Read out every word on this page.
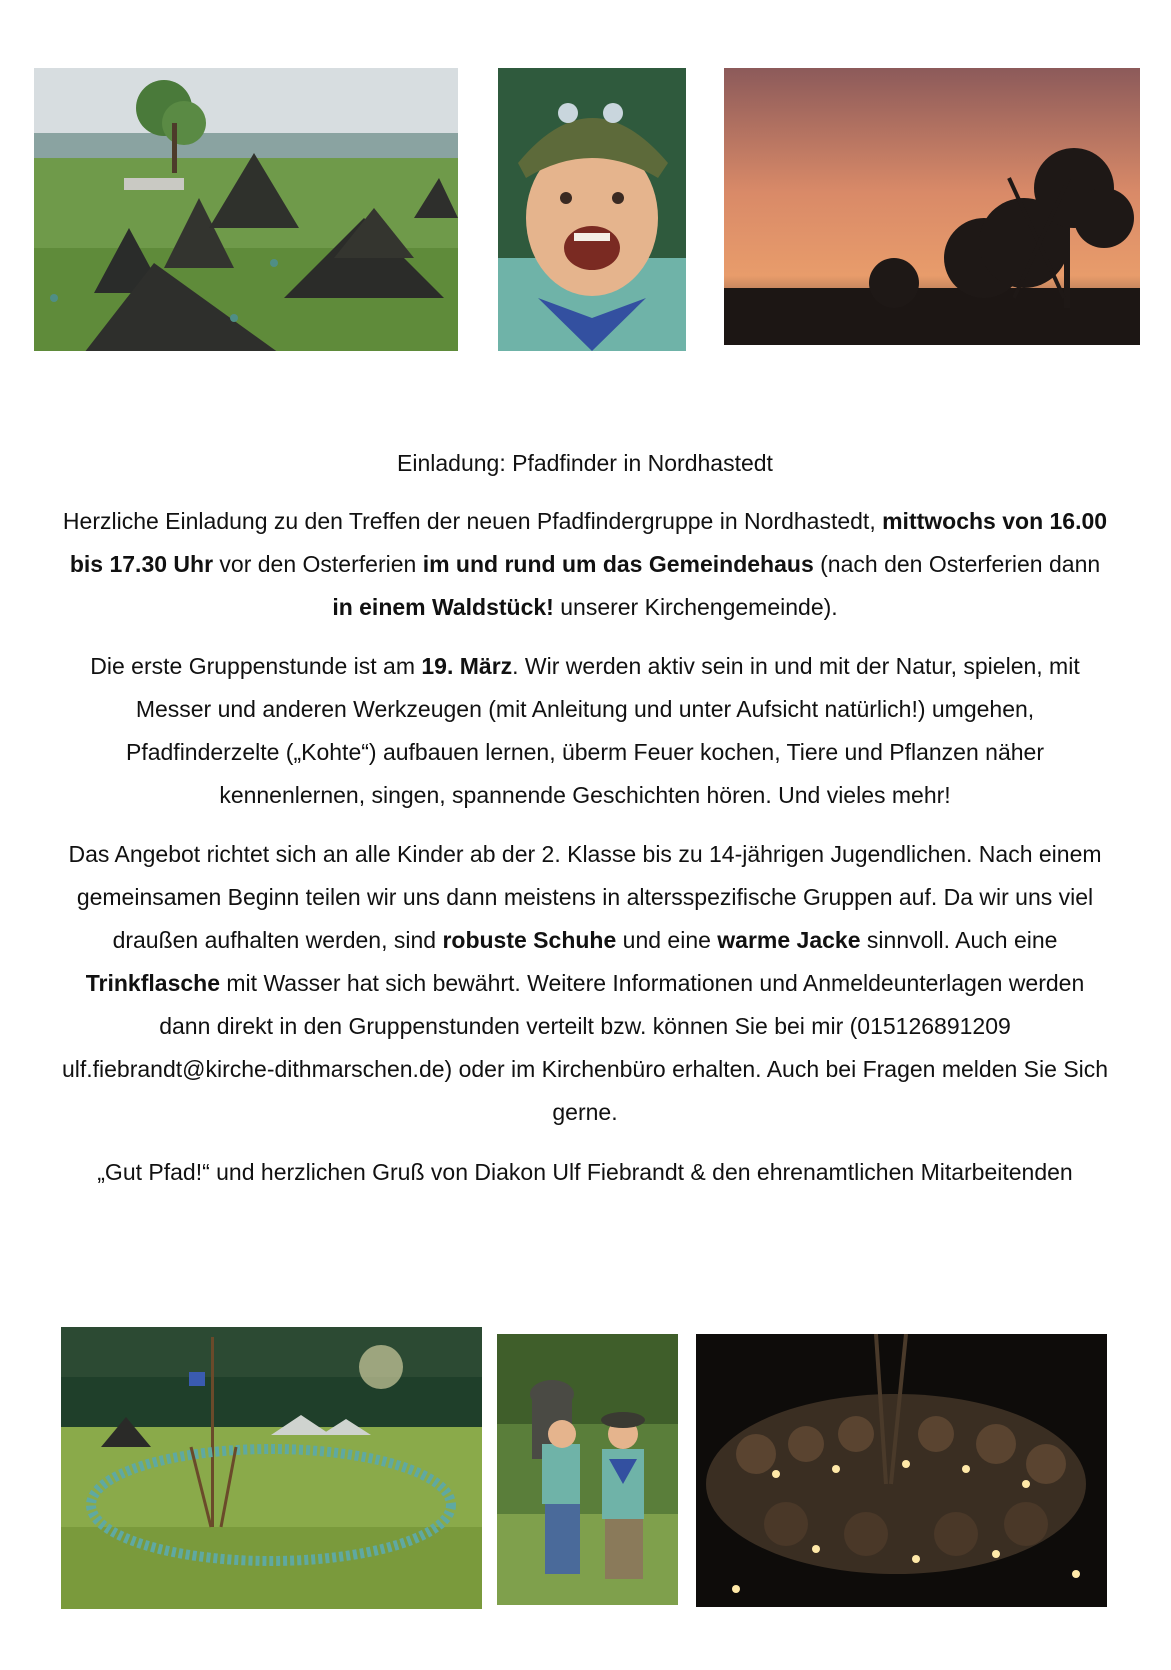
Einladung: Pfadfinder in Nordhastedt

Herzliche Einladung zu den Treffen der neuen Pfadfindergruppe in Nordhastedt, mittwochs von 16.00 bis 17.30 Uhr vor den Osterferien im und rund um das Gemeindehaus (nach den Osterferien dann in einem Waldstück! unserer Kirchengemeinde).

Die erste Gruppenstunde ist am 19. März. Wir werden aktiv sein in und mit der Natur, spielen, mit Messer und anderen Werkzeugen (mit Anleitung und unter Aufsicht natürlich!) umgehen, Pfadfinderzelte („Kohte“) aufbauen lernen, überm Feuer kochen, Tiere und Pflanzen näher kennenlernen, singen, spannende Geschichten hören. Und vieles mehr!

Das Angebot richtet sich an alle Kinder ab der 2. Klasse bis zu 14-jährigen Jugendlichen. Nach einem gemeinsamen Beginn teilen wir uns dann meistens in altersspezifische Gruppen auf. Da wir uns viel draußen aufhalten werden, sind robuste Schuhe und eine warme Jacke sinnvoll. Auch eine Trinkflasche mit Wasser hat sich bewährt. Weitere Informationen und Anmeldeunterlagen werden dann direkt in den Gruppenstunden verteilt bzw. können Sie bei mir (015126891209 ulf.fiebrandt@kirche-dithmarschen.de) oder im Kirchenbüro erhalten. Auch bei Fragen melden Sie Sich gerne.

„Gut Pfad!“ und herzlichen Gruß von Diakon Ulf Fiebrandt & den ehrenamtlichen Mitarbeitenden
